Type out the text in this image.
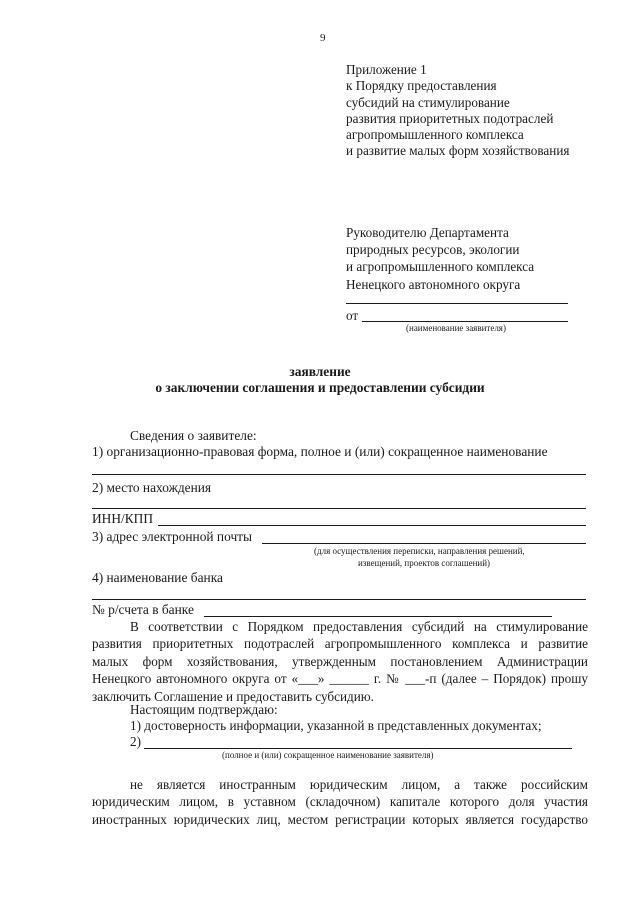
9
Приложение 1
к Порядку предоставления
субсидий на стимулирование
развития приоритетных подотраслей
агропромышленного комплекса
и развитие малых форм хозяйствования
Руководителю Департамента
природных ресурсов, экологии
и агропромышленного комплекса
Ненецкого автономного округа
от
(наименование заявителя)
заявление
о заключении соглашения и предоставлении субсидии
Сведения о заявителе:
1) организационно-правовая форма, полное и (или) сокращенное наименование
2) место нахождения
ИНН/КПП
3) адрес электронной почты
(для осуществления переписки, направления решений,
извещений, проектов соглашений)
4) наименование банка
№ р/счета в банке
В соответствии с Порядком предоставления субсидий на стимулирование
развития приоритетных подотраслей агропромышленного комплекса и развитие
малых форм хозяйствования, утвержденным постановлением Администрации
Ненецкого автономного округа от «___» ______ г. № ___-п (далее – Порядок) прошу
заключить Соглашение и предоставить субсидию.
Настоящим подтверждаю:
1) достоверность информации, указанной в представленных документах;
2)
(полное и (или) сокращенное наименование заявителя)
не является иностранным юридическим лицом, а также российским
юридическим лицом, в уставном (складочном) капитале которого доля участия
иностранных юридических лиц, местом регистрации которых является государство
